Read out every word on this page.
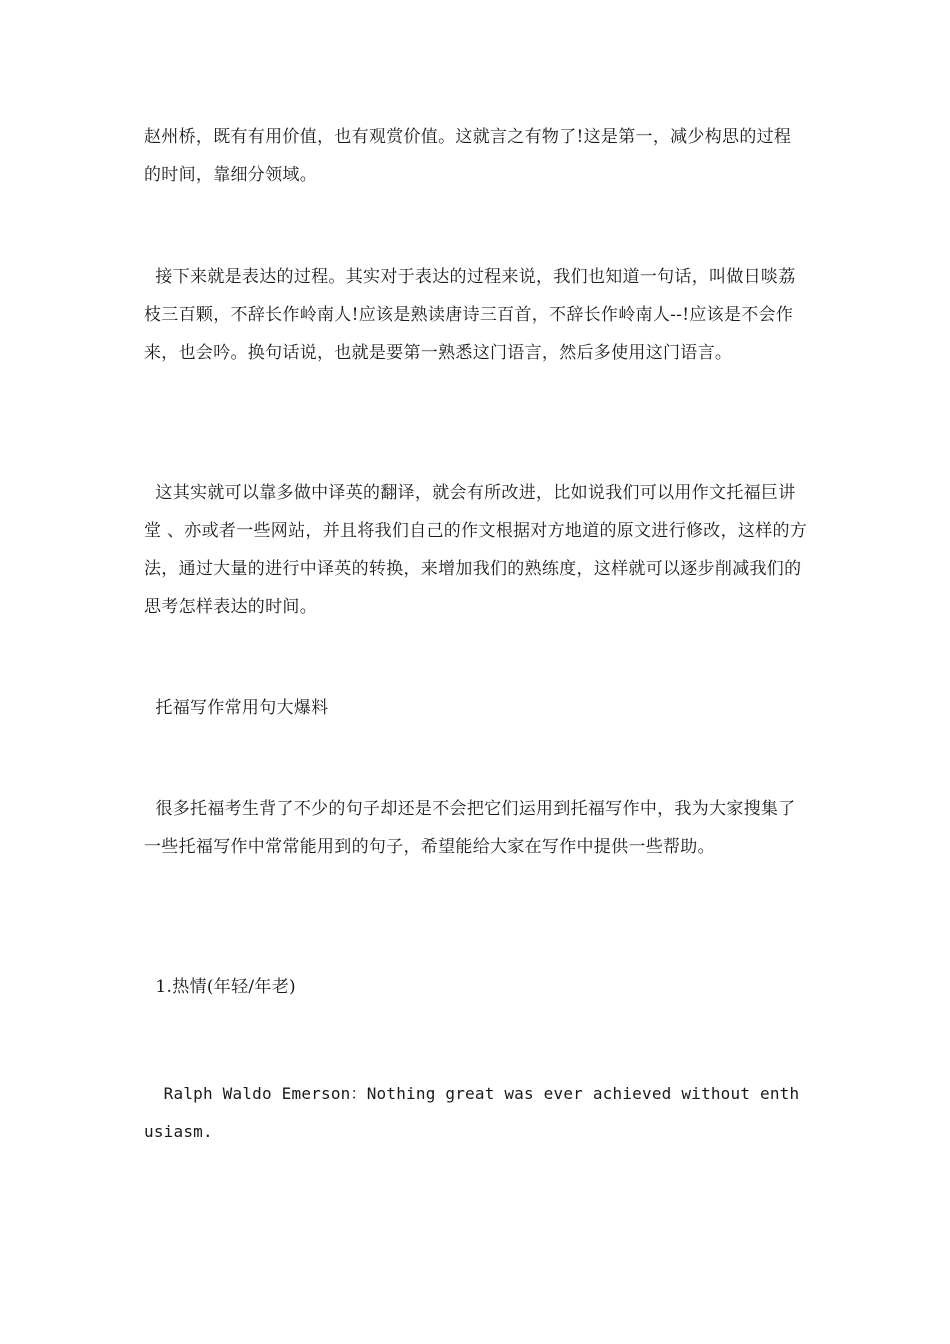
赵州桥，既有有用价值，也有观赏价值。这就言之有物了!这是第一，减少构思的过程的时间，靠细分领域。

接下来就是表达的过程。其实对于表达的过程来说，我们也知道一句话，叫做日啖荔枝三百颗，不辞长作岭南人!应该是熟读唐诗三百首，不辞长作岭南人--!应该是不会作来，也会吟。换句话说，也就是要第一熟悉这门语言，然后多使用这门语言。

这其实就可以靠多做中译英的翻译，就会有所改进，比如说我们可以用作文托福巨讲堂 、亦或者一些网站，并且将我们自己的作文根据对方地道的原文进行修改，这样的方法，通过大量的进行中译英的转换，来增加我们的熟练度，这样就可以逐步削减我们的思考怎样表达的时间。

托福写作常用句大爆料

很多托福考生背了不少的句子却还是不会把它们运用到托福写作中，我为大家搜集了一些托福写作中常常能用到的句子，希望能给大家在写作中提供一些帮助。

1.热情(年轻/年老)

Ralph Waldo Emerson：Nothing great was ever achieved without enthusiasm.
